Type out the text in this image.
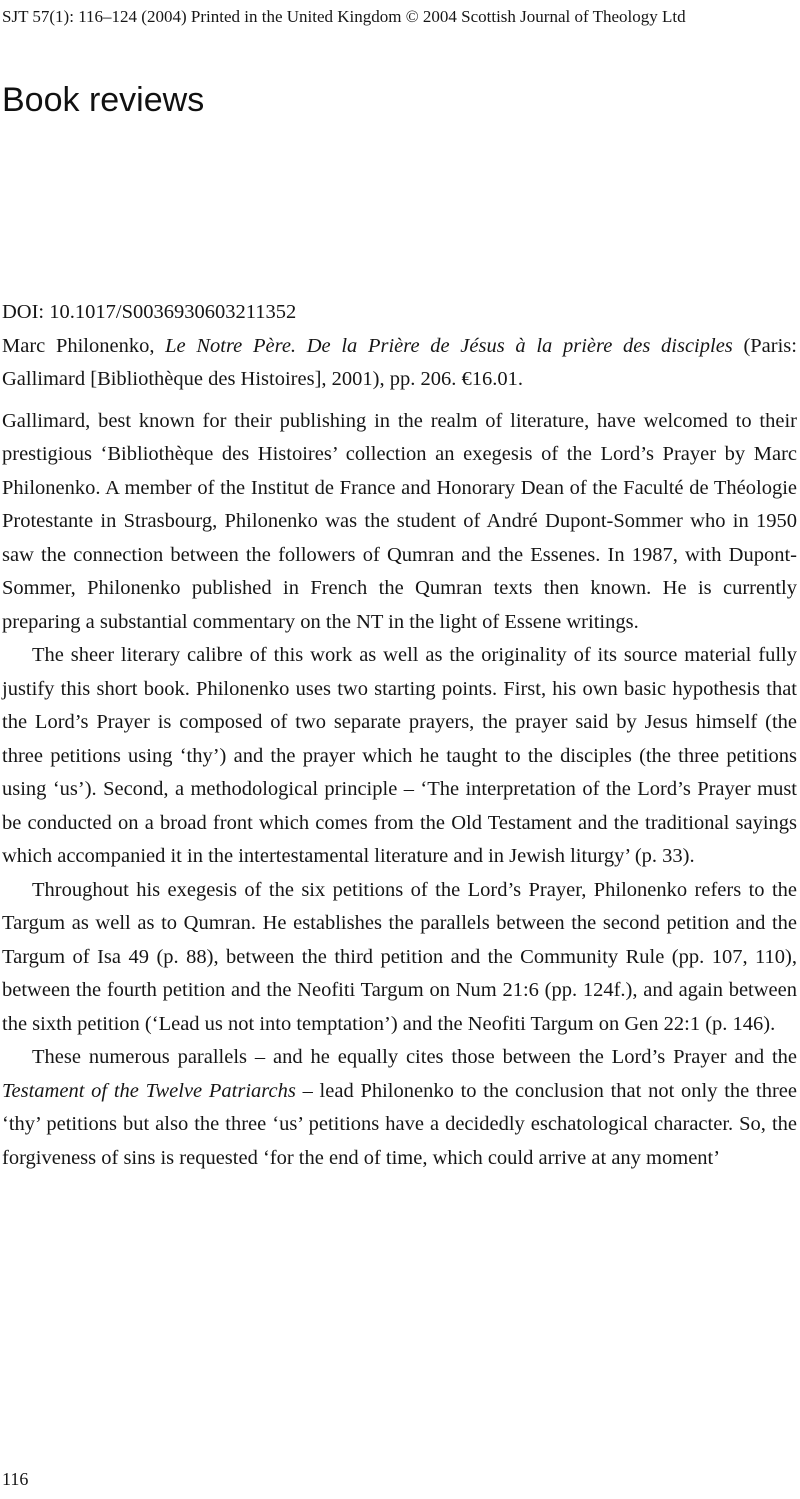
SJT 57(1): 116–124 (2004) Printed in the United Kingdom © 2004 Scottish Journal of Theology Ltd
Book reviews
DOI: 10.1017/S0036930603211352

Marc Philonenko, Le Notre Père. De la Prière de Jésus à la prière des disciples (Paris: Gallimard [Bibliothèque des Histoires], 2001), pp. 206. €16.01.

Gallimard, best known for their publishing in the realm of literature, have welcomed to their prestigious ‘Bibliothèque des Histoires’ collection an exegesis of the Lord’s Prayer by Marc Philonenko. A member of the Institut de France and Honorary Dean of the Faculté de Théologie Protestante in Strasbourg, Philonenko was the student of André Dupont-Sommer who in 1950 saw the connection between the followers of Qumran and the Essenes. In 1987, with Dupont-Sommer, Philonenko published in French the Qumran texts then known. He is currently preparing a substantial commentary on the NT in the light of Essene writings.

The sheer literary calibre of this work as well as the originality of its source material fully justify this short book. Philonenko uses two starting points. First, his own basic hypothesis that the Lord’s Prayer is composed of two separate prayers, the prayer said by Jesus himself (the three petitions using ‘thy’) and the prayer which he taught to the disciples (the three petitions using ‘us’). Second, a methodological principle – ‘The interpretation of the Lord’s Prayer must be conducted on a broad front which comes from the Old Testament and the traditional sayings which accompanied it in the intertestamental literature and in Jewish liturgy’ (p. 33).

Throughout his exegesis of the six petitions of the Lord’s Prayer, Philonenko refers to the Targum as well as to Qumran. He establishes the parallels between the second petition and the Targum of Isa 49 (p. 88), between the third petition and the Community Rule (pp. 107, 110), between the fourth petition and the Neofiti Targum on Num 21:6 (pp. 124f.), and again between the sixth petition (‘Lead us not into temptation’) and the Neofiti Targum on Gen 22:1 (p. 146).

These numerous parallels – and he equally cites those between the Lord’s Prayer and the Testament of the Twelve Patriarchs – lead Philonenko to the conclusion that not only the three ‘thy’ petitions but also the three ‘us’ petitions have a decidedly eschatological character. So, the forgiveness of sins is requested ‘for the end of time, which could arrive at any moment’

116
